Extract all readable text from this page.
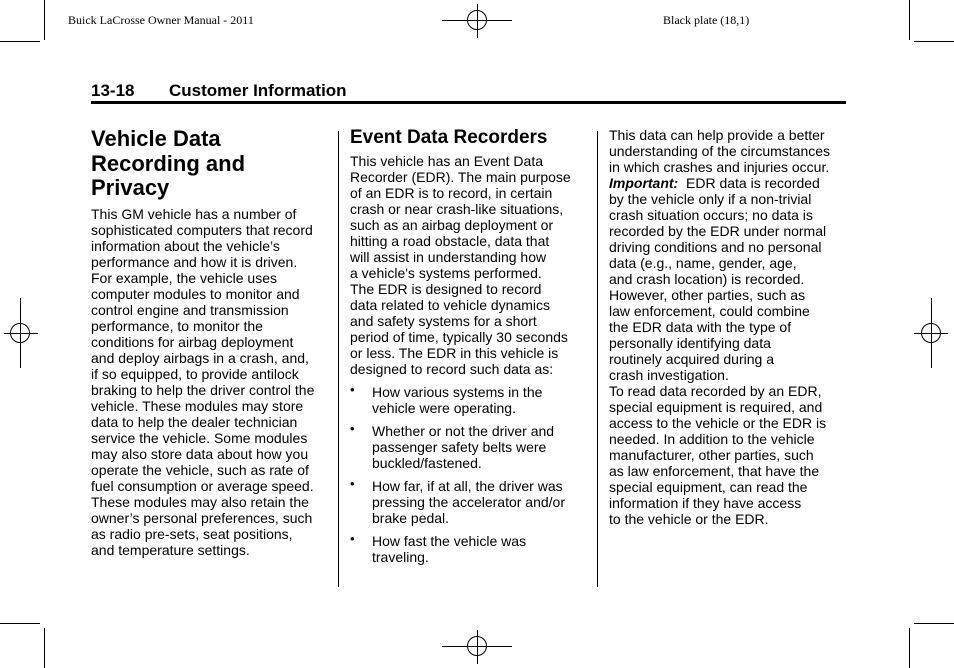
Buick LaCrosse Owner Manual - 2011	Black plate (18,1)
13-18 Customer Information
Vehicle Data
Recording and
Privacy

This GM vehicle has a number of
sophisticated computers that record
information about the vehicle’s
performance and how it is driven.
For example, the vehicle uses
computer modules to monitor and
control engine and transmission
performance, to monitor the
conditions for airbag deployment
and deploy airbags in a crash, and,
if so equipped, to provide antilock
braking to help the driver control the
vehicle. These modules may store
data to help the dealer technician
service the vehicle. Some modules
may also store data about how you
operate the vehicle, such as rate of
fuel consumption or average speed.
These modules may also retain the
owner’s personal preferences, such
as radio pre-sets, seat positions,
and temperature settings.

Event Data Recorders

This vehicle has an Event Data
Recorder (EDR). The main purpose
of an EDR is to record, in certain
crash or near crash-like situations,
such as an airbag deployment or
hitting a road obstacle, data that
will assist in understanding how
a vehicle's systems performed.
The EDR is designed to record
data related to vehicle dynamics
and safety systems for a short
period of time, typically 30 seconds
or less. The EDR in this vehicle is
designed to record such data as:

• How various systems in the
vehicle were operating.
• Whether or not the driver and
passenger safety belts were
buckled/fastened.
• How far, if at all, the driver was
pressing the accelerator and/or
brake pedal.
• How fast the vehicle was
traveling.

This data can help provide a better
understanding of the circumstances
in which crashes and injuries occur.

Important: EDR data is recorded
by the vehicle only if a non-trivial
crash situation occurs; no data is
recorded by the EDR under normal
driving conditions and no personal
data (e.g., name, gender, age,
and crash location) is recorded.
However, other parties, such as
law enforcement, could combine
the EDR data with the type of
personally identifying data
routinely acquired during a
crash investigation.

To read data recorded by an EDR,
special equipment is required, and
access to the vehicle or the EDR is
needed. In addition to the vehicle
manufacturer, other parties, such
as law enforcement, that have the
special equipment, can read the
information if they have access
to the vehicle or the EDR.
